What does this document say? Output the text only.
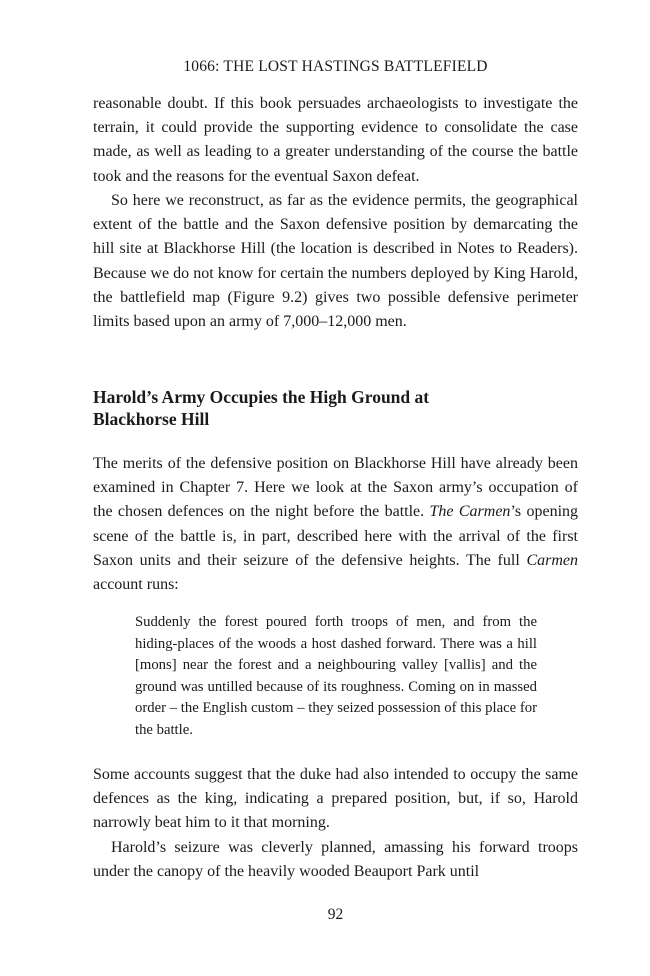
1066: THE LOST HASTINGS BATTLEFIELD

reasonable doubt. If this book persuades archaeologists to investigate the terrain, it could provide the supporting evidence to consolidate the case made, as well as leading to a greater understanding of the course the battle took and the reasons for the eventual Saxon defeat.

So here we reconstruct, as far as the evidence permits, the geographical extent of the battle and the Saxon defensive position by demarcating the hill site at Blackhorse Hill (the location is described in Notes to Readers). Because we do not know for certain the numbers deployed by King Harold, the battlefield map (Figure 9.2) gives two possible defensive perimeter limits based upon an army of 7,000–12,000 men.

Harold’s Army Occupies the High Ground at
Blackhorse Hill

The merits of the defensive position on Blackhorse Hill have already been examined in Chapter 7. Here we look at the Saxon army’s occupation of the chosen defences on the night before the battle. The Carmen’s opening scene of the battle is, in part, described here with the arrival of the first Saxon units and their seizure of the defensive heights. The full Carmen account runs:

Suddenly the forest poured forth troops of men, and from the hiding-places of the woods a host dashed forward. There was a hill [mons] near the forest and a neighbouring valley [vallis] and the ground was untilled because of its roughness. Coming on in massed order – the English custom – they seized possession of this place for the battle.

Some accounts suggest that the duke had also intended to occupy the same defences as the king, indicating a prepared position, but, if so, Harold narrowly beat him to it that morning.

Harold’s seizure was cleverly planned, amassing his forward troops under the canopy of the heavily wooded Beauport Park until

92
